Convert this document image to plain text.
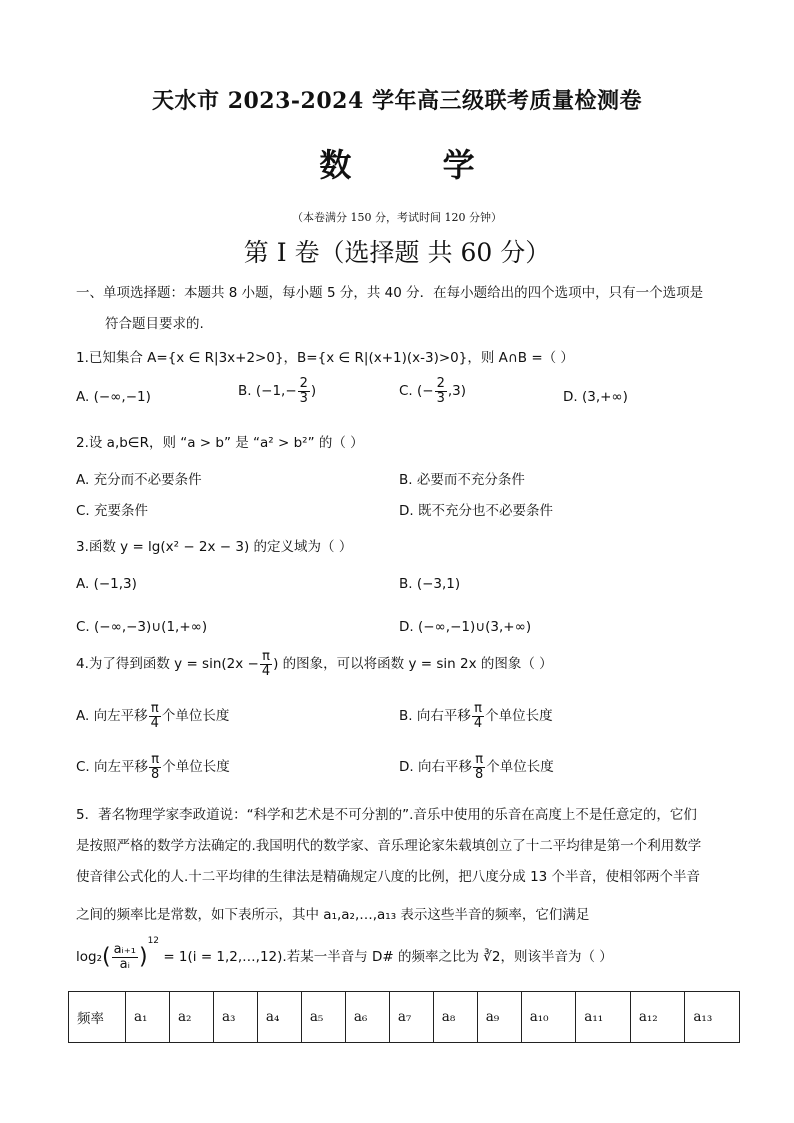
天水市 2023-2024 学年高三级联考质量检测卷
数 学
（本卷满分 150 分，考试时间 120 分钟）
第 I 卷（选择题 共 60 分）
一、单项选择题：本题共 8 小题，每小题 5 分，共 40 分．在每小题给出的四个选项中，只有一个选项是
符合题目要求的.
1.已知集合 A={x ∈ R|3x+2>0}，B={x ∈ R|(x+1)(x-3)>0}，则 A∩B =（ ）
A. (−∞,−1)	B. ($-1,- \frac{2}{3}$ )	C. (− $\frac{2}{3} ,3$)	D. (3,+∞)
2.设 a,b∈R，则 “a > b” 是 “a² > b²” 的（ ）
A. 充分而不必要条件	B. 必要而不充分条件
C. 充要条件	D. 既不充分也不必要条件
3.函数 y = lg(x² − 2x − 3) 的定义域为（ ）
A. (−1,3)	B. (−3,1)
C. (−∞,−3)∪(1,+∞)	D. (−∞,−1)∪(3,+∞)
4.为了得到函数 $y = \sin(2x - \frac{\pi}{4}$ ) 的图象，可以将函数 y = sin 2x 的图象（ ）
A. 向左平移 $\frac{\pi}{4}$ 个单位长度	B. 向右平移 $\frac{\pi}{4}$ 个单位长度
C. 向左平移 $\frac{\pi}{8}$ 个单位长度	D. 向右平移 $\frac{\pi}{8}$ 个单位长度
5．著名物理学家李政道说：“科学和艺术是不可分割的”.音乐中使用的乐音在高度上不是任意定的，它们
是按照严格的数学方法确定的.我国明代的数学家、音乐理论家朱载填创立了十二平均律是第一个利用数学
使音律公式化的人.十二平均律的生律法是精确规定八度的比例，把八度分成 13 个半音，使相邻两个半音
之间的频率比是常数，如下表所示，其中 a₁,a₂,…,a₁₃ 表示这些半音的频率，它们满足
$\log_2( \frac{\text{aᵢ₊₁}}{\text{aᵢ}} )^{12} = 1(i$ = 1,2,…,12).若某一半音与 D# 的频率之比为 ∛2，则该半音为（ ）
频率	a₁	a₂	a₃	a₄	a₅	a₆	a₇	a₈	a₉	a₁₀	a₁₁	a₁₂	a₁₃
